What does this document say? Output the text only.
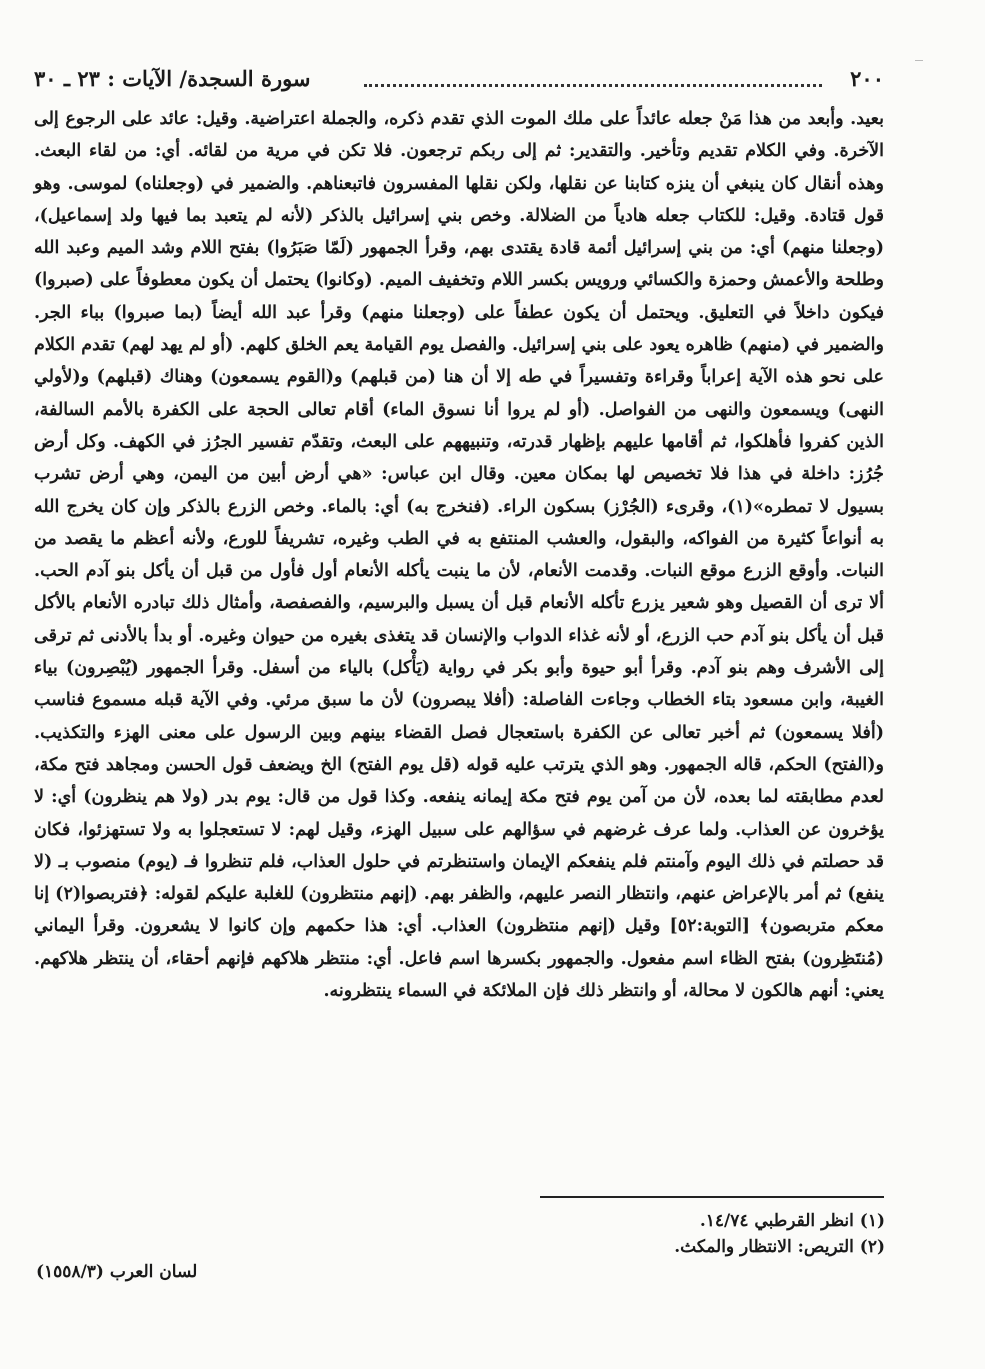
٢٠٠
سورة السجدة/ الآيات : ٢٣ ـ ٣٠

بعيد. وأبعد من هذا مَنْ جعله عائداً على ملك الموت الذي تقدم ذكره، والجملة اعتراضية. وقيل: عائد على الرجوع إلى الآخرة. وفي الكلام تقديم وتأخير. والتقدير: ثم إلى ربكم ترجعون. فلا تكن في مرية من لقائه. أي: من لقاء البعث. وهذه أنقال كان ينبغي أن ينزه كتابنا عن نقلها، ولكن نقلها المفسرون فاتبعناهم. والضمير في (وجعلناه) لموسى. وهو قول قتادة. وقيل: للكتاب جعله هادياً من الضلالة. وخص بني إسرائيل بالذكر (لأنه لم يتعبد بما فيها ولد إسماعيل)، (وجعلنا منهم) أي: من بني إسرائيل أئمة قادة يقتدى بهم، وقرأ الجمهور (لَمّا صَبَرُوا) بفتح اللام وشد الميم وعبد الله وطلحة والأعمش وحمزة والكسائي ورويس بكسر اللام وتخفيف الميم. (وكانوا) يحتمل أن يكون معطوفاً على (صبروا) فيكون داخلاً في التعليق. ويحتمل أن يكون عطفاً على (وجعلنا منهم) وقرأ عبد الله أيضاً (بما صبروا) بباء الجر. والضمير في (منهم) ظاهره يعود على بني إسرائيل. والفصل يوم القيامة يعم الخلق كلهم. (أو لم يهد لهم) تقدم الكلام على نحو هذه الآية إعراباً وقراءة وتفسيراً في طه إلا أن هنا (من قبلهم) و(القوم يسمعون) وهناك (قبلهم) و(لأولي النهى) ويسمعون والنهى من الفواصل. (أو لم يروا أنا نسوق الماء) أقام تعالى الحجة على الكفرة بالأمم السالفة، الذين كفروا فأهلكوا، ثم أقامها عليهم بإظهار قدرته، وتنبيههم على البعث، وتقدّم تفسير الجرُز في الكهف. وكل أرض جُرُز: داخلة في هذا فلا تخصيص لها بمكان معين. وقال ابن عباس: «هي أرض أبين من اليمن، وهي أرض تشرب بسيول لا تمطره»(١)، وقرىء (الجُرْز) بسكون الراء. (فنخرج به) أي: بالماء. وخص الزرع بالذكر وإن كان يخرج الله به أنواعاً كثيرة من الفواكه، والبقول، والعشب المنتفع به في الطب وغيره، تشريفاً للورع، ولأنه أعظم ما يقصد من النبات. وأوقع الزرع موقع النبات. وقدمت الأنعام، لأن ما ينبت يأكله الأنعام أول فأول من قبل أن يأكل بنو آدم الحب. ألا ترى أن القصيل وهو شعير يزرع تأكله الأنعام قبل أن يسبل والبرسيم، والفصفصة، وأمثال ذلك تبادره الأنعام بالأكل قبل أن يأكل بنو آدم حب الزرع، أو لأنه غذاء الدواب والإنسان قد يتغذى بغيره من حيوان وغيره. أو بدأ بالأدنى ثم ترقى إلى الأشرف وهم بنو آدم. وقرأ أبو حيوة وأبو بكر في رواية (يَأْكل) بالياء من أسفل. وقرأ الجمهور (يُبْصِرون) بياء الغيبة، وابن مسعود بتاء الخطاب وجاءت الفاصلة: (أفلا يبصرون) لأن ما سبق مرئي. وفي الآية قبله مسموع فناسب (أفلا يسمعون) ثم أخبر تعالى عن الكفرة باستعجال فصل القضاء بينهم وبين الرسول على معنى الهزء والتكذيب. و(الفتح) الحكم، قاله الجمهور. وهو الذي يترتب عليه قوله (قل يوم الفتح) الخ ويضعف قول الحسن ومجاهد فتح مكة، لعدم مطابقته لما بعده، لأن من آمن يوم فتح مكة إيمانه ينفعه. وكذا قول من قال: يوم بدر (ولا هم ينظرون) أي: لا يؤخرون عن العذاب. ولما عرف غرضهم في سؤالهم على سبيل الهزء، وقيل لهم: لا تستعجلوا به ولا تستهزئوا، فكان قد حصلتم في ذلك اليوم وآمنتم فلم ينفعكم الإيمان واستنظرتم في حلول العذاب، فلم تنظروا فـ (يوم) منصوب بـ (لا ينفع) ثم أمر بالإعراض عنهم، وانتظار النصر عليهم، والظفر بهم. (إنهم منتظرون) للغلبة عليكم لقوله: ﴿فتربصوا(٢) إنا معكم متربصون﴾ [التوبة:٥٢] وقيل (إنهم منتظرون) العذاب. أي: هذا حكمهم وإن كانوا لا يشعرون. وقرأ اليماني (مُنتَظِرون) بفتح الظاء اسم مفعول. والجمهور بكسرها اسم فاعل. أي: منتظر هلاكهم فإنهم أحقاء، أن ينتظر هلاكهم. يعني: أنهم هالكون لا محالة، أو وانتظر ذلك فإن الملائكة في السماء ينتظرونه.

(١) انظر القرطبي ١٤/٧٤.
(٢) التريص: الانتظار والمكث.
لسان العرب (١٥٥٨/٣)
